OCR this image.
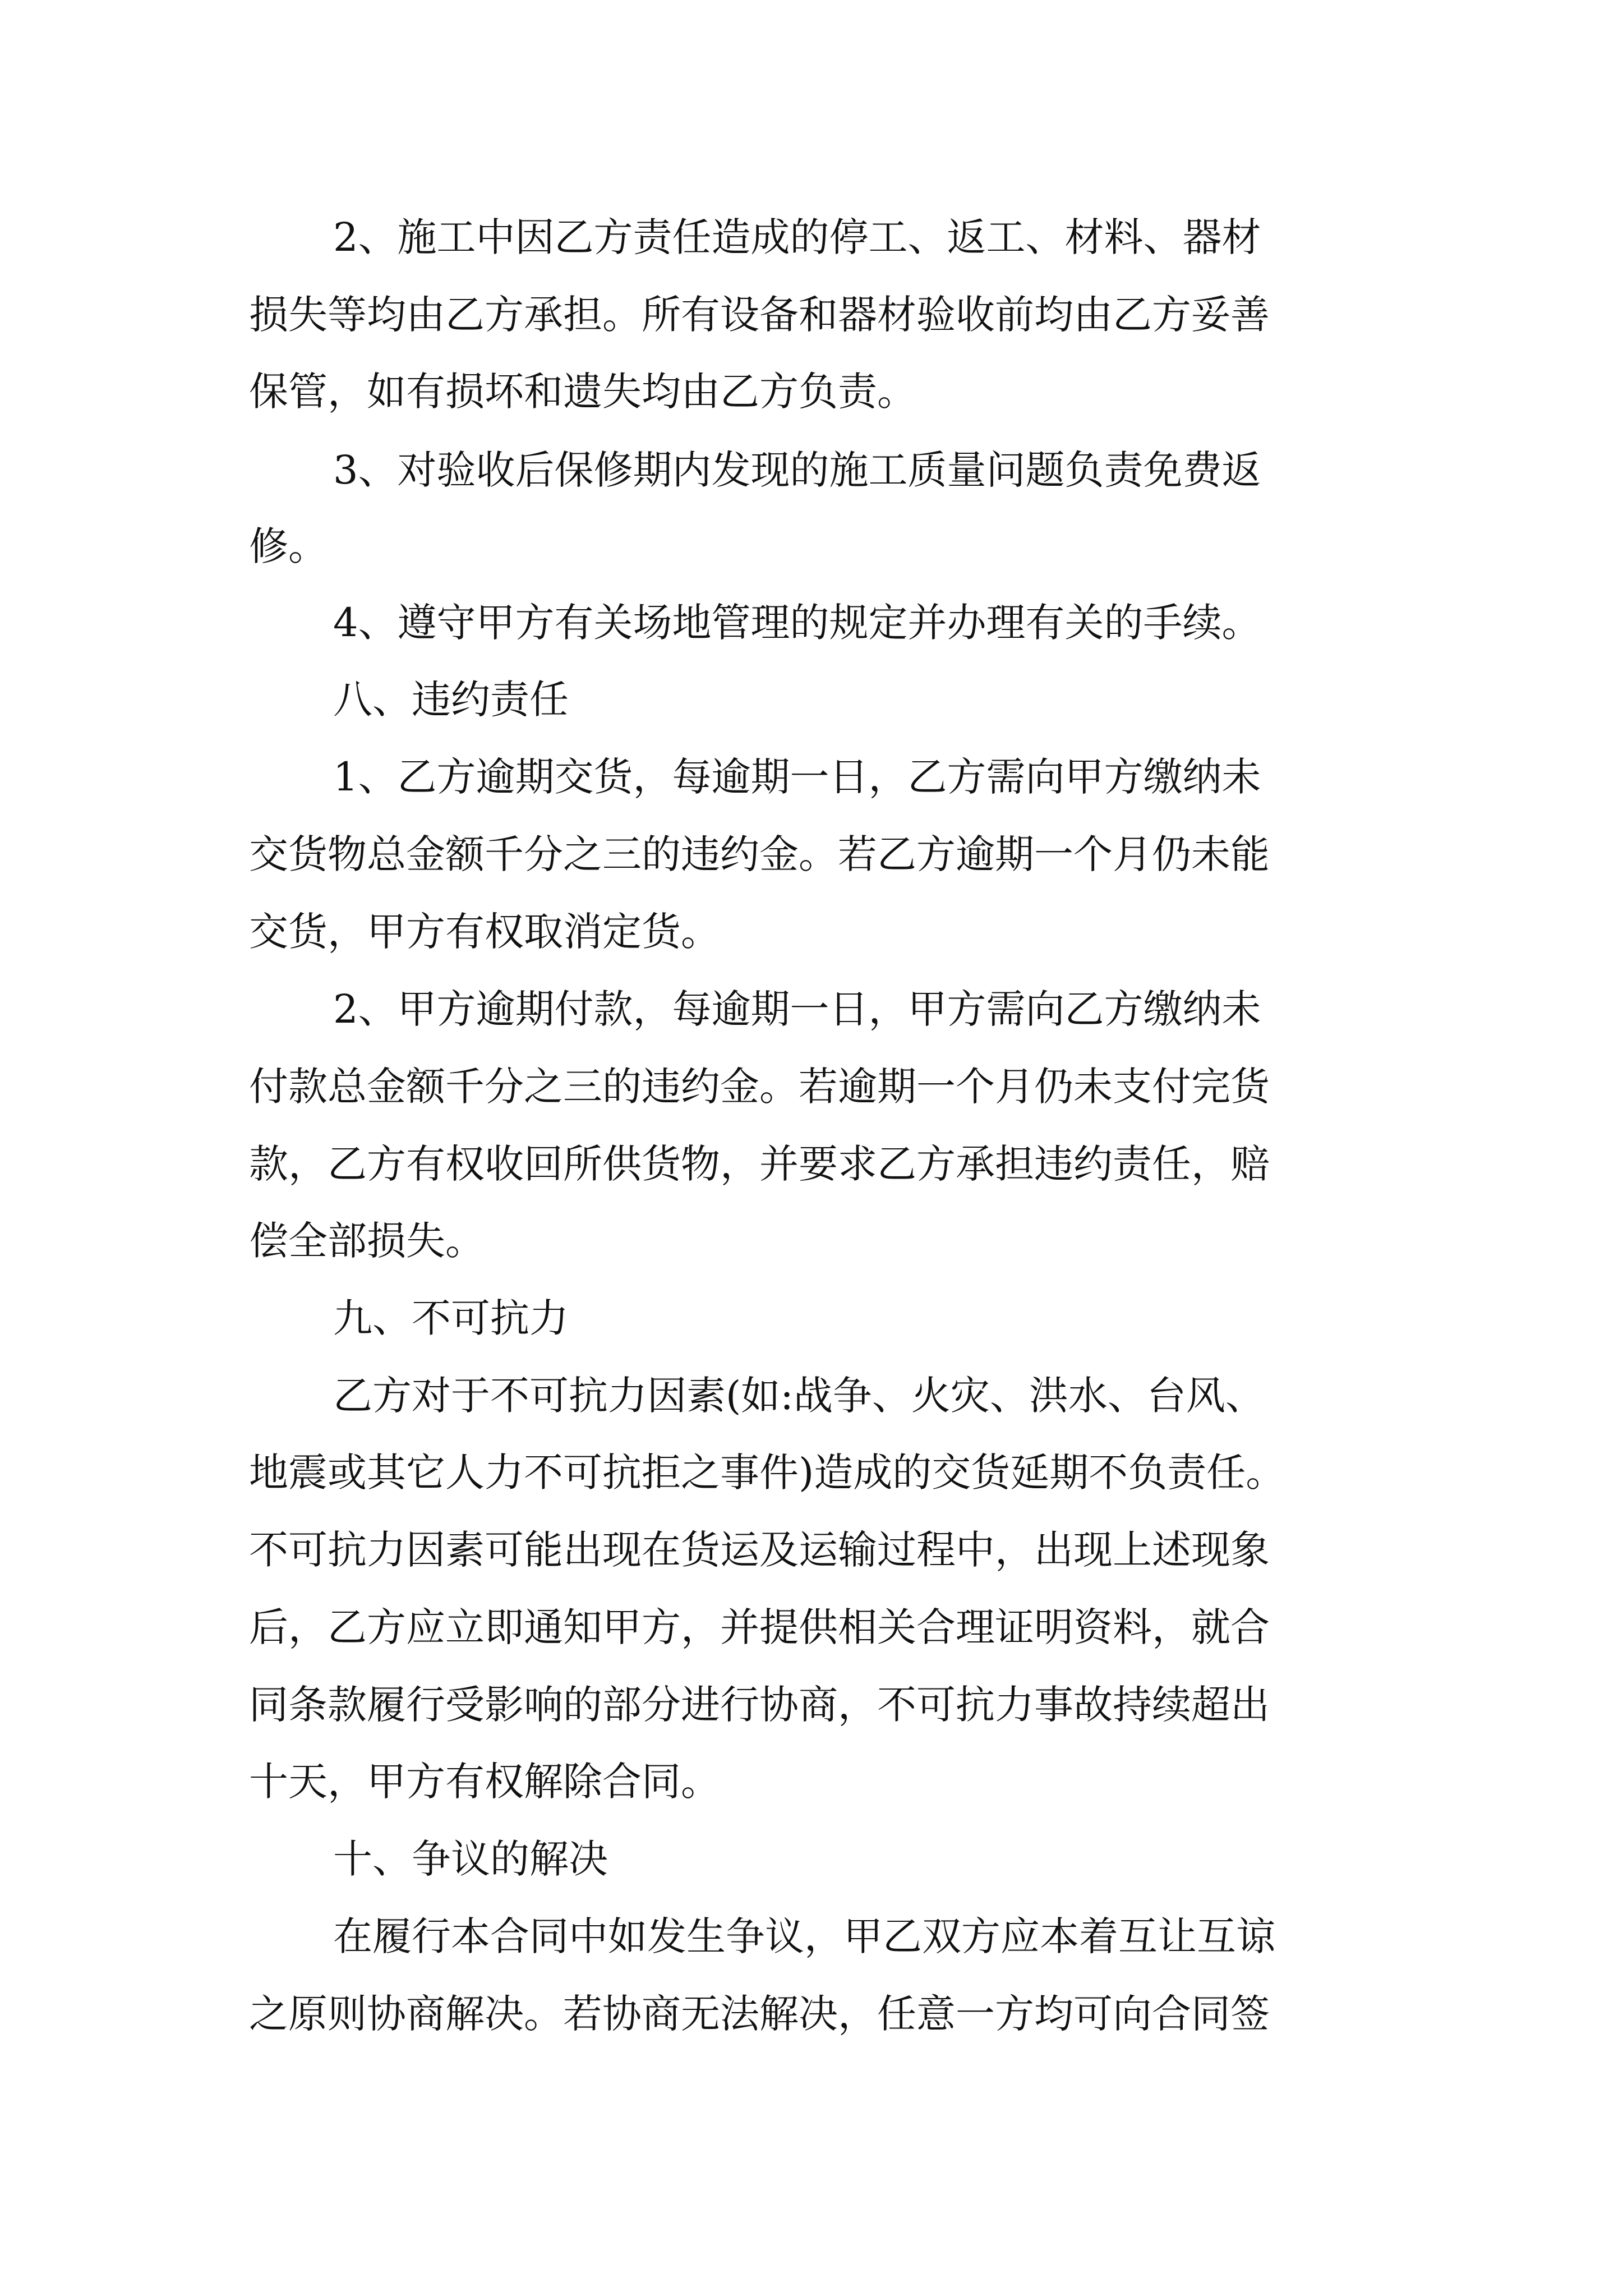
2、施工中因乙方责任造成的停工、返工、材料、器材
损失等均由乙方承担。所有设备和器材验收前均由乙方妥善
保管，如有损坏和遗失均由乙方负责。
3、对验收后保修期内发现的施工质量问题负责免费返
修。
4、遵守甲方有关场地管理的规定并办理有关的手续。
八、违约责任
1、乙方逾期交货，每逾期一日，乙方需向甲方缴纳未
交货物总金额千分之三的违约金。若乙方逾期一个月仍未能
交货，甲方有权取消定货。
2、甲方逾期付款，每逾期一日，甲方需向乙方缴纳未
付款总金额千分之三的违约金。若逾期一个月仍未支付完货
款，乙方有权收回所供货物，并要求乙方承担违约责任，赔
偿全部损失。
九、不可抗力
乙方对于不可抗力因素(如:战争、火灾、洪水、台风、
地震或其它人力不可抗拒之事件)造成的交货延期不负责任。
不可抗力因素可能出现在货运及运输过程中，出现上述现象
后，乙方应立即通知甲方，并提供相关合理证明资料，就合
同条款履行受影响的部分进行协商，不可抗力事故持续超出
十天，甲方有权解除合同。
十、争议的解决
在履行本合同中如发生争议，甲乙双方应本着互让互谅
之原则协商解决。若协商无法解决，任意一方均可向合同签
